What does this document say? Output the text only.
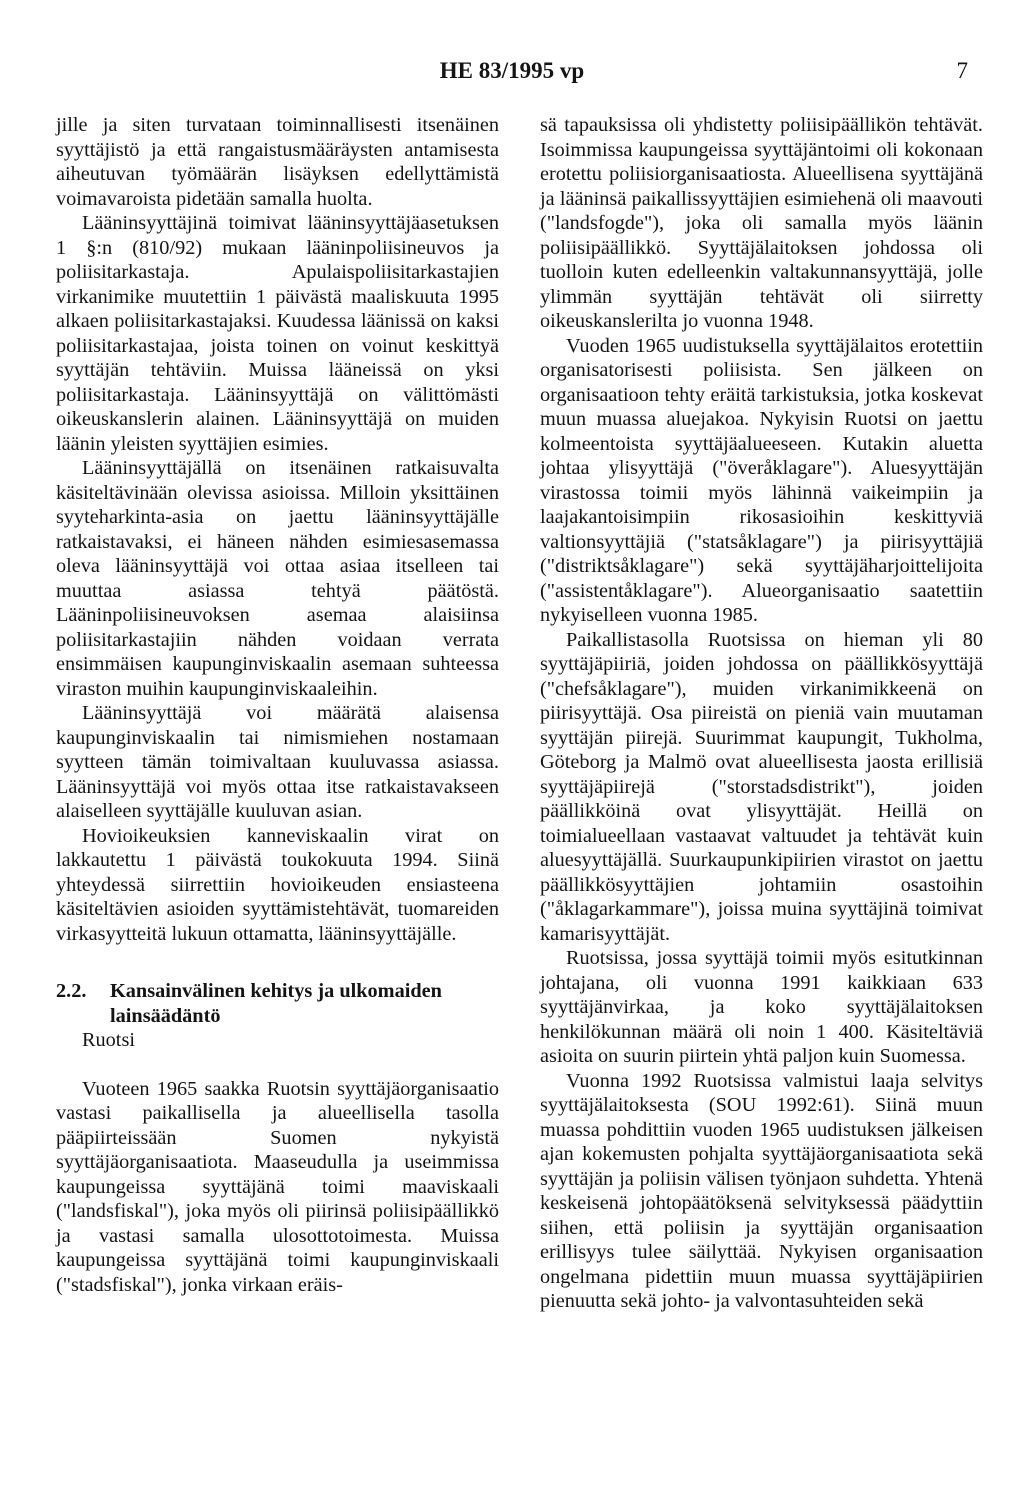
HE 83/1995 vp	7

jille ja siten turvataan toiminnallisesti itsenäinen syyttäjistö ja että rangaistusmääräysten antamisesta aiheutuvan työmäärän lisäyksen edellyttämistä voimavaroista pidetään samalla huolta.

Lääninsyyttäjinä toimivat lääninsyyttäjäasetuksen 1 §:n (810/92) mukaan lääninpoliisineuvos ja poliisitarkastaja. Apulaispoliisitarkastajien virkanimike muutettiin 1 päivästä maaliskuuta 1995 alkaen poliisitarkastajaksi. Kuudessa läänissä on kaksi poliisitarkastajaa, joista toinen on voinut keskittyä syyttäjän tehtäviin. Muissa lääneissä on yksi poliisitarkastaja. Lääninsyyttäjä on välittömästi oikeuskanslerin alainen. Lääninsyyttäjä on muiden läänin yleisten syyttäjien esimies.

Lääninsyyttäjällä on itsenäinen ratkaisuvalta käsiteltävinään olevissa asioissa. Milloin yksittäinen syyteharkinta-asia on jaettu lääninsyyttäjälle ratkaistavaksi, ei häneen nähden esimiesasemassa oleva lääninsyyttäjä voi ottaa asiaa itselleen tai muuttaa asiassa tehtyä päätöstä. Lääninpoliisineuvoksen asemaa alaisiinsa poliisitarkastajiin nähden voidaan verrata ensimmäisen kaupunginviskaalin asemaan suhteessa viraston muihin kaupunginviskaaleihin.

Lääninsyyttäjä voi määrätä alaisensa kaupunginviskaalin tai nimismiehen nostamaan syytteen tämän toimivaltaan kuuluvassa asiassa. Lääninsyyttäjä voi myös ottaa itse ratkaistavakseen alaiselleen syyttäjälle kuuluvan asian.

Hovioikeuksien kanneviskaalin virat on lakkautettu 1 päivästä toukokuuta 1994. Siinä yhteydessä siirrettiin hovioikeuden ensiasteena käsiteltävien asioiden syyttämistehtävät, tuomareiden virkasyytteitä lukuun ottamatta, lääninsyyttäjälle.

2.2.	Kansainvälinen kehitys ja ulkomaiden lainsäädäntö

Ruotsi

Vuoteen 1965 saakka Ruotsin syyttäjäorganisaatio vastasi paikallisella ja alueellisella tasolla pääpiirteissään Suomen nykyistä syyttäjäorganisaatiota. Maaseudulla ja useimmissa kaupungeissa syyttäjänä toimi maaviskaali ("landsfiskal"), joka myös oli piirinsä poliisipäällikkö ja vastasi samalla ulosottotoimesta. Muissa kaupungeissa syyttäjänä toimi kaupunginviskaali ("stadsfiskal"), jonka virkaan eräis-

sä tapauksissa oli yhdistetty poliisipäällikön tehtävät. Isoimmissa kaupungeissa syyttäjäntoimi oli kokonaan erotettu poliisiorganisaatiosta. Alueellisena syyttäjänä ja lääninsä paikallissyyttäjien esimiehenä oli maavouti ("landsfogde"), joka oli samalla myös läänin poliisipäällikkö. Syyttäjälaitoksen johdossa oli tuolloin kuten edelleenkin valtakunnansyyttäjä, jolle ylimmän syyttäjän tehtävät oli siirretty oikeuskanslerilta jo vuonna 1948.

Vuoden 1965 uudistuksella syyttäjälaitos erotettiin organisatorisesti poliisista. Sen jälkeen on organisaatioon tehty eräitä tarkistuksia, jotka koskevat muun muassa aluejakoa. Nykyisin Ruotsi on jaettu kolmeentoista syyttäjäalueeseen. Kutakin aluetta johtaa ylisyyttäjä ("överåklagare"). Aluesyyttäjän virastossa toimii myös lähinnä vaikeimpiin ja laajakantoisimpiin rikosasioihin keskittyviä valtionsyyttäjiä ("statsåklagare") ja piirisyyttäjiä ("distriktsåklagare") sekä syyttäjäharjoittelijoita ("assistentåklagare"). Alueorganisaatio saatettiin nykyiselleen vuonna 1985.

Paikallistasolla Ruotsissa on hieman yli 80 syyttäjäpiiriä, joiden johdossa on päällikkösyyttäjä ("chefsåklagare"), muiden virkanimikkeenä on piirisyyttäjä. Osa piireistä on pieniä vain muutaman syyttäjän piirejä. Suurimmat kaupungit, Tukholma, Göteborg ja Malmö ovat alueellisesta jaosta erillisiä syyttäjäpiirejä ("storstadsdistrikt"), joiden päällikköinä ovat ylisyyttäjät. Heillä on toimialueellaan vastaavat valtuudet ja tehtävät kuin aluesyyttäjällä. Suurkaupunkipiirien virastot on jaettu päällikkösyyttäjien johtamiin osastoihin ("åklagarkammare"), joissa muina syyttäjinä toimivat kamarisyyttäjät.

Ruotsissa, jossa syyttäjä toimii myös esitutkinnan johtajana, oli vuonna 1991 kaikkiaan 633 syyttäjänvirkaa, ja koko syyttäjälaitoksen henkilökunnan määrä oli noin 1 400. Käsiteltäviä asioita on suurin piirtein yhtä paljon kuin Suomessa.

Vuonna 1992 Ruotsissa valmistui laaja selvitys syyttäjälaitoksesta (SOU 1992:61). Siinä muun muassa pohdittiin vuoden 1965 uudistuksen jälkeisen ajan kokemusten pohjalta syyttäjäorganisaatiota sekä syyttäjän ja poliisin välisen työnjaon suhdetta. Yhtenä keskeisenä johtopäätöksenä selvityksessä päädyttiin siihen, että poliisin ja syyttäjän organisaation erillisyys tulee säilyttää. Nykyisen organisaation ongelmana pidettiin muun muassa syyttäjäpiirien pienuutta sekä johto- ja valvontasuhteiden sekä
